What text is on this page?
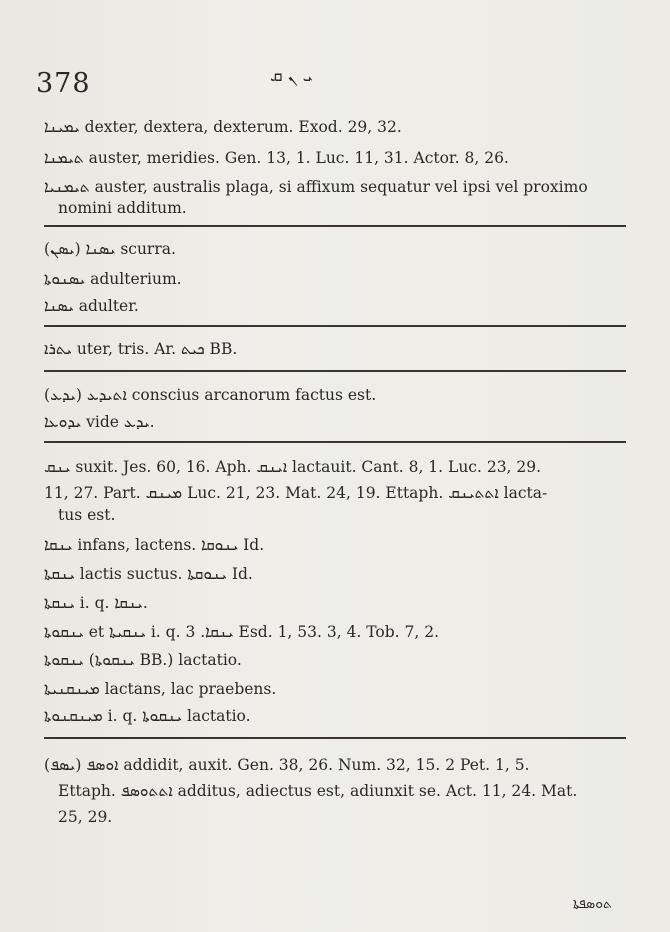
378	ܝ ܢ ܩ
ܝܡܝܢܐ dexter, dextera, dexterum. Exod. 29, 32.
ܬܝܡܢܐ auster, meridies. Gen. 13, 1. Luc. 11, 31. Actor. 8, 26.
ܬܝܡܢܝܐ auster, australis plaga, si affixum sequatur vel ipsi vel proximo
nomini additum.
(ܝܣܢ) ܝܣܢܐ scurra.
ܝܣܢܘܬܐ adulterium.
ܝܣܢܐ adulter.
ܝܬܪܐ uter, tris. Ar. ܟܝܬ BB.
(ܝܕܥ) ܐܬܝܕܥ conscius arcanorum factus est.
ܝܕܘܥܐ vide ܝܕܥ.
ܝܢܩ suxit. Jes. 60, 16. Aph. ܐܝܢܩ lactauit. Cant. 8, 1. Luc. 23, 29.
11, 27. Part. ܡܝܢܩ Luc. 21, 23. Mat. 24, 19. Ettaph. ܐܬܬܝܢܩ lacta-
tus est.
ܝܢܩܐ infans, lactens. ܝܢܘܩܐ Id.
ܝܢܩܬܐ lactis suctus. ܝܢܘܩܬܐ Id.
ܝܢܩܬܐ i. q. ܝܢܩܐ.
ܝܢܩܘܬܐ et ܝܢܩܝܬܐ i. q. ܝܢܩܐ. 3 Esd. 1, 53. 3, 4. Tob. 7, 2.
ܝܢܩܘܬܐ (ܝܢܩܘܬܐ BB.) lactatio.
ܡܝܢܩܢܝܬܐ lactans, lac praebens.
ܡܝܢܩܢܘܬܐ i. q. ܝܢܩܘܬܐ lactatio.
(ܝܣܦ) ܐܘܣܦ addidit, auxit. Gen. 38, 26. Num. 32, 15. 2 Pet. 1, 5.
Ettaph. ܐܬܬܘܣܦ additus, adiectus est, adiunxit se. Act. 11, 24. Mat.
25, 29.
ܬܘܣܦܬܐ
